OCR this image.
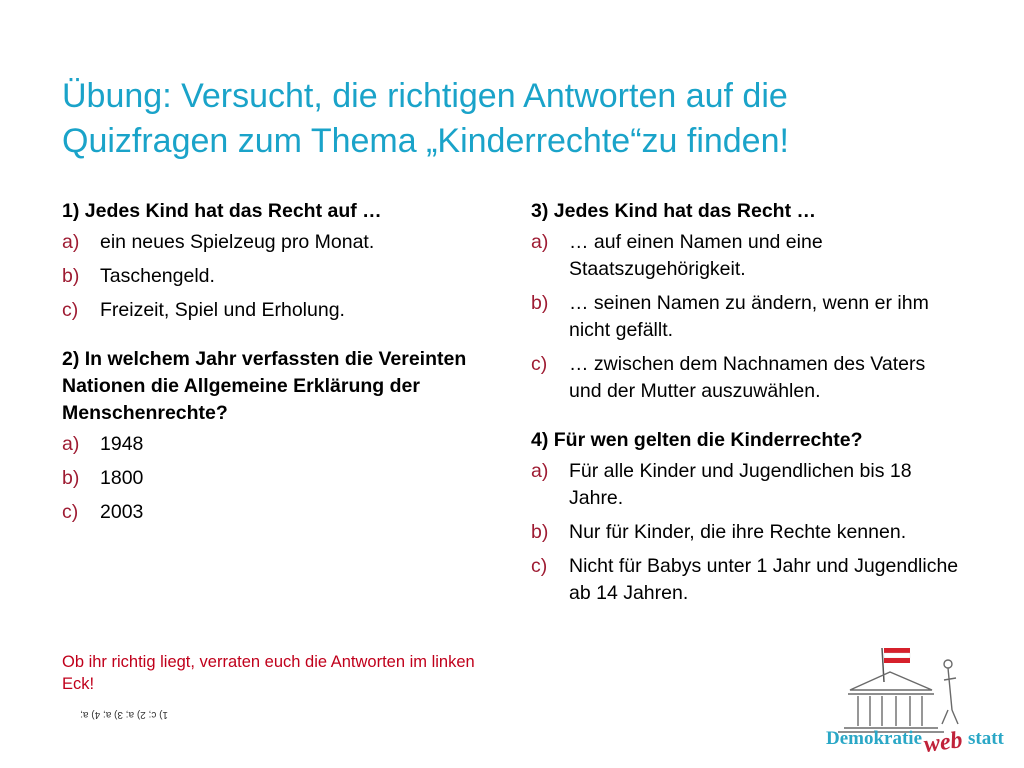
Übung: Versucht, die richtigen Antworten auf die Quizfragen zum Thema „Kinderrechte“zu finden!
1) Jedes Kind hat das Recht auf …
a)	ein neues Spielzeug pro Monat.
b)	Taschengeld.
c)	Freizeit, Spiel und Erholung.
2) In welchem Jahr verfassten die Vereinten Nationen die Allgemeine Erklärung der Menschenrechte?
a)	1948
b)	1800
c)	2003
3) Jedes Kind hat das Recht …
a)	… auf einen Namen und eine Staatszugehörigkeit.
b)	… seinen Namen zu ändern, wenn er ihm nicht gefällt.
c)	… zwischen dem Nachnamen des Vaters und der Mutter auszuwählen.
4) Für wen gelten die Kinderrechte?
a)	Für alle Kinder und Jugendlichen bis 18 Jahre.
b)	Nur für Kinder, die ihre Rechte kennen.
c)	Nicht für Babys unter 1 Jahr und Jugendliche ab 14 Jahren.
Ob ihr richtig liegt, verraten euch die Antworten im linken Eck!
1) c; 2) a; 3) a; 4) a;
Demokratie web statt
